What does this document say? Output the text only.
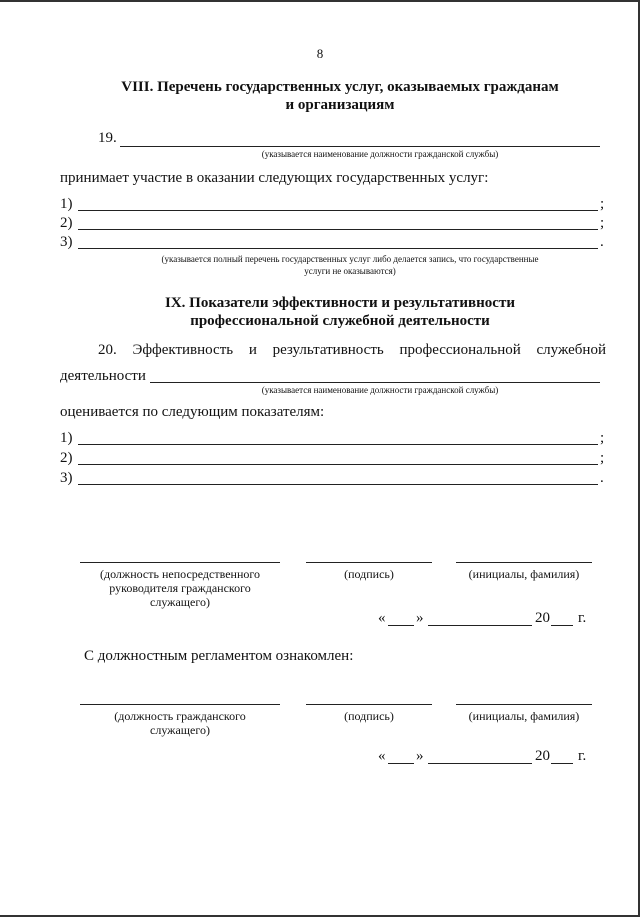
8
VIII. Перечень государственных услуг, оказываемых гражданам
и организациям
19.
(указывается наименование должности гражданской службы)
принимает участие в оказании следующих государственных услуг:
1)	;
2)	;
3)	.
(указывается полный перечень государственных услуг либо делается запись, что государственные
услуги не оказываются)
IX. Показатели эффективности и результативности
профессиональной служебной деятельности
20. Эффективность и результативность профессиональной служебной
деятельности
(указывается наименование должности гражданской службы)
оценивается по следующим показателям:
1)	;
2)	;
3)	.
(должность непосредственного
руководителя гражданского
служащего)
(подпись)	(инициалы, фамилия)
« »	20 г.
С должностным регламентом ознакомлен:
(должность гражданского
служащего)
(подпись)	(инициалы, фамилия)
« »	20 г.
